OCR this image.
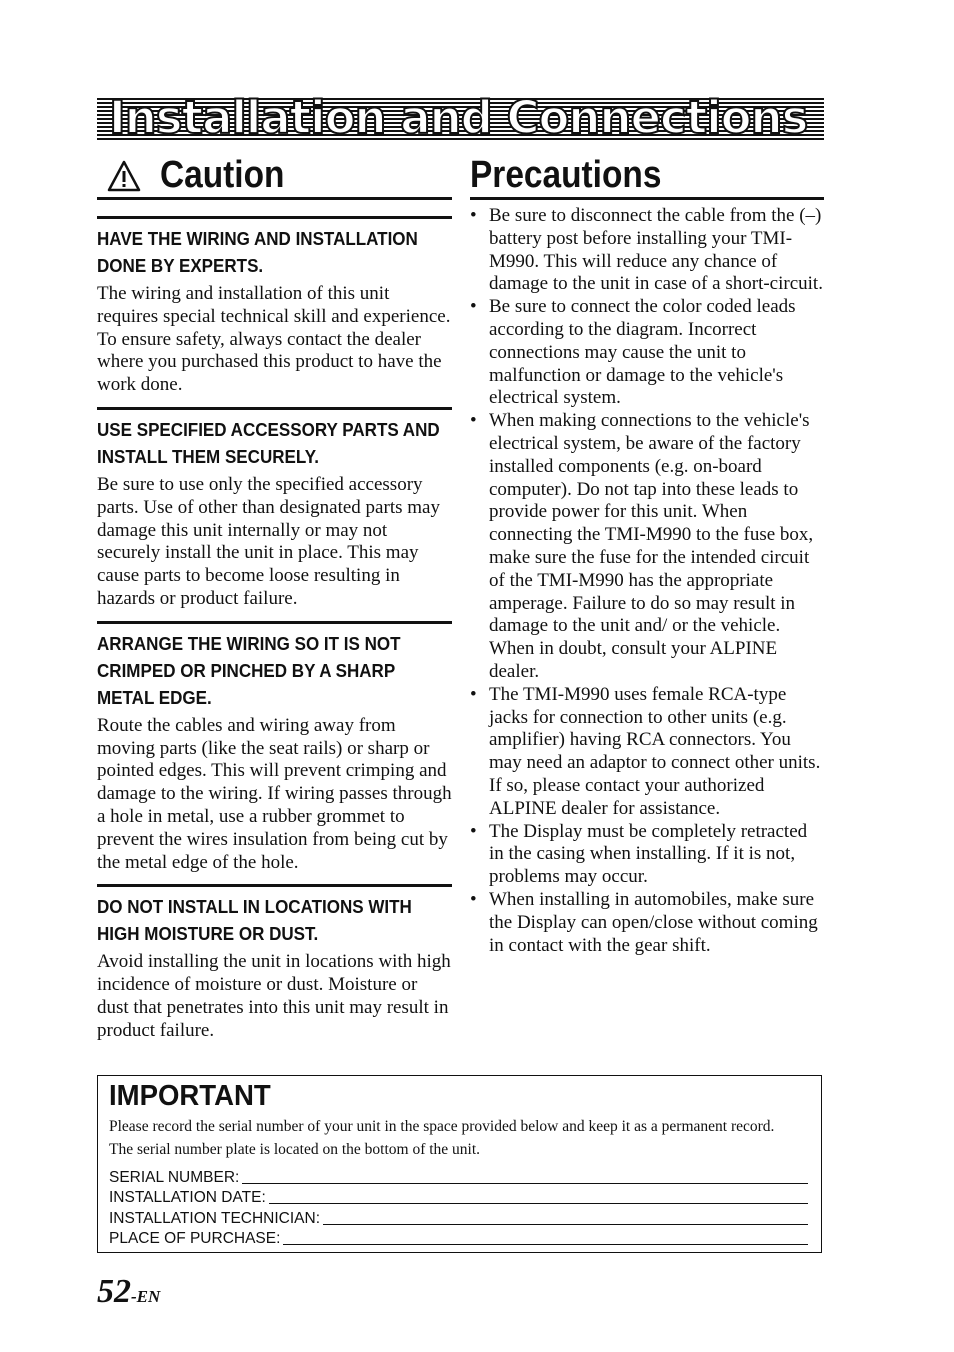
Installation and Connections
Caution	Precautions
HAVE THE WIRING AND INSTALLATION DONE BY EXPERTS.

The wiring and installation of this unit requires special technical skill and experience. To ensure safety, always contact the dealer where you purchased this product to have the work done.

USE SPECIFIED ACCESSORY PARTS AND INSTALL THEM SECURELY.

Be sure to use only the specified accessory parts. Use of other than designated parts may damage this unit internally or may not securely install the unit in place. This may cause parts to become loose resulting in hazards or product failure.

ARRANGE THE WIRING SO IT IS NOT CRIMPED OR PINCHED BY A SHARP METAL EDGE.

Route the cables and wiring away from moving parts (like the seat rails) or sharp or pointed edges. This will prevent crimping and damage to the wiring. If wiring passes through a hole in metal, use a rubber grommet to prevent the wires insulation from being cut by the metal edge of the hole.

DO NOT INSTALL IN LOCATIONS WITH HIGH MOISTURE OR DUST.

Avoid installing the unit in locations with high incidence of moisture or dust. Moisture or dust that penetrates into this unit may result in product failure.

• Be sure to disconnect the cable from the (–) battery post before installing your TMI-M990. This will reduce any chance of damage to the unit in case of a short-circuit.
• Be sure to connect the color coded leads according to the diagram. Incorrect connections may cause the unit to malfunction or damage to the vehicle's electrical system.
• When making connections to the vehicle's electrical system, be aware of the factory installed components (e.g. on-board computer). Do not tap into these leads to provide power for this unit. When connecting the TMI-M990 to the fuse box, make sure the fuse for the intended circuit of the TMI-M990 has the appropriate amperage. Failure to do so may result in damage to the unit and/ or the vehicle. When in doubt, consult your ALPINE dealer.
• The TMI-M990 uses female RCA-type jacks for connection to other units (e.g. amplifier) having RCA connectors. You may need an adaptor to connect other units. If so, please contact your authorized ALPINE dealer for assistance.
• The Display must be completely retracted in the casing when installing. If it is not, problems may occur.
• When installing in automobiles, make sure the Display can open/close without coming in contact with the gear shift.
IMPORTANT
Please record the serial number of your unit in the space provided below and keep it as a permanent record. The serial number plate is located on the bottom of the unit.
SERIAL NUMBER:
INSTALLATION DATE:
INSTALLATION TECHNICIAN:
PLACE OF PURCHASE:
52-EN
